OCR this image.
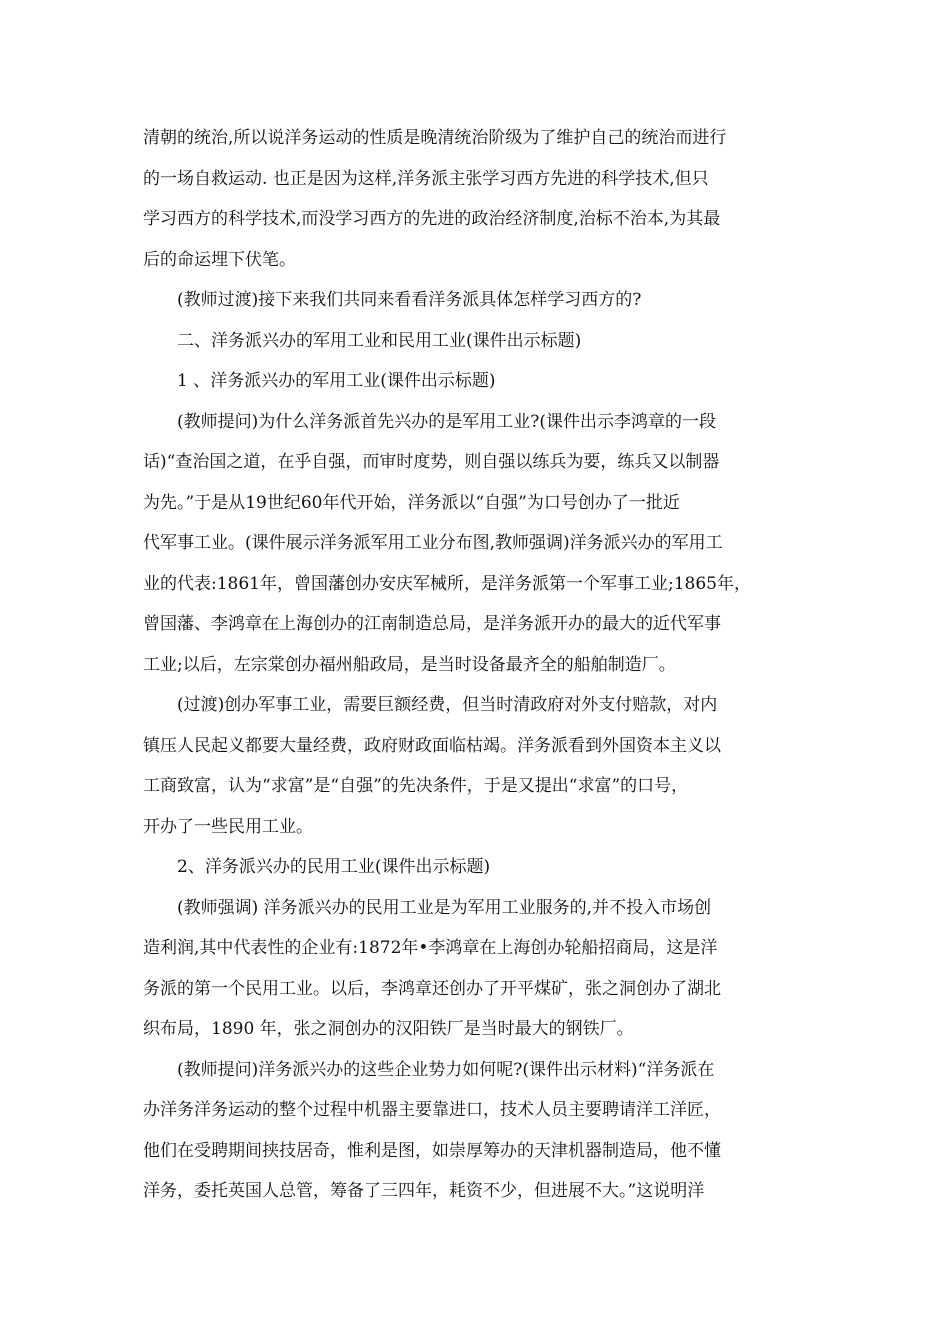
清朝的统治,所以说洋务运动的性质是晚清统治阶级为了维护自己的统治而进行
的一场自救运动. 也正是因为这样,洋务派主张学习西方先进的科学技术,但只
学习西方的科学技术,而没学习西方的先进的政治经济制度,治标不治本,为其最
后的命运埋下伏笔。
(教师过渡)接下来我们共同来看看洋务派具体怎样学习西方的?
二、洋务派兴办的军用工业和民用工业(课件出示标题)
1 、洋务派兴办的军用工业(课件出示标题)
(教师提问)为什么洋务派首先兴办的是军用工业?(课件出示李鸿章的一段
话)“查治国之道，在乎自强，而审时度势，则自强以练兵为要，练兵又以制器
为先。”于是从19世纪60年代开始，洋务派以“自强”为口号创办了一批近
代军事工业。(课件展示洋务派军用工业分布图,教师强调)洋务派兴办的军用工
业的代表:1861年，曾国藩创办安庆军械所，是洋务派第一个军事工业;1865年，
曾国藩、李鸿章在上海创办的江南制造总局，是洋务派开办的最大的近代军事
工业;以后，左宗棠创办福州船政局，是当时设备最齐全的船舶制造厂。
(过渡)创办军事工业，需要巨额经费，但当时清政府对外支付赔款，对内
镇压人民起义都要大量经费，政府财政面临枯竭。洋务派看到外国资本主义以
工商致富，认为“求富”是“自强”的先决条件，于是又提出“求富”的口号，
开办了一些民用工业。
2、洋务派兴办的民用工业(课件出示标题)
(教师强调) 洋务派兴办的民用工业是为军用工业服务的,并不投入市场创
造利润,其中代表性的企业有:1872年•李鸿章在上海创办轮船招商局，这是洋
务派的第一个民用工业。以后，李鸿章还创办了开平煤矿，张之洞创办了湖北
织布局，1890 年，张之洞创办的汉阳铁厂是当时最大的钢铁厂。
(教师提问)洋务派兴办的这些企业势力如何呢?(课件出示材料)“洋务派在
办洋务洋务运动的整个过程中机器主要靠进口，技术人员主要聘请洋工洋匠，
他们在受聘期间挟技居奇，惟利是图，如崇厚筹办的天津机器制造局，他不懂
洋务，委托英国人总管，筹备了三四年，耗资不少，但进展不大。”这说明洋
